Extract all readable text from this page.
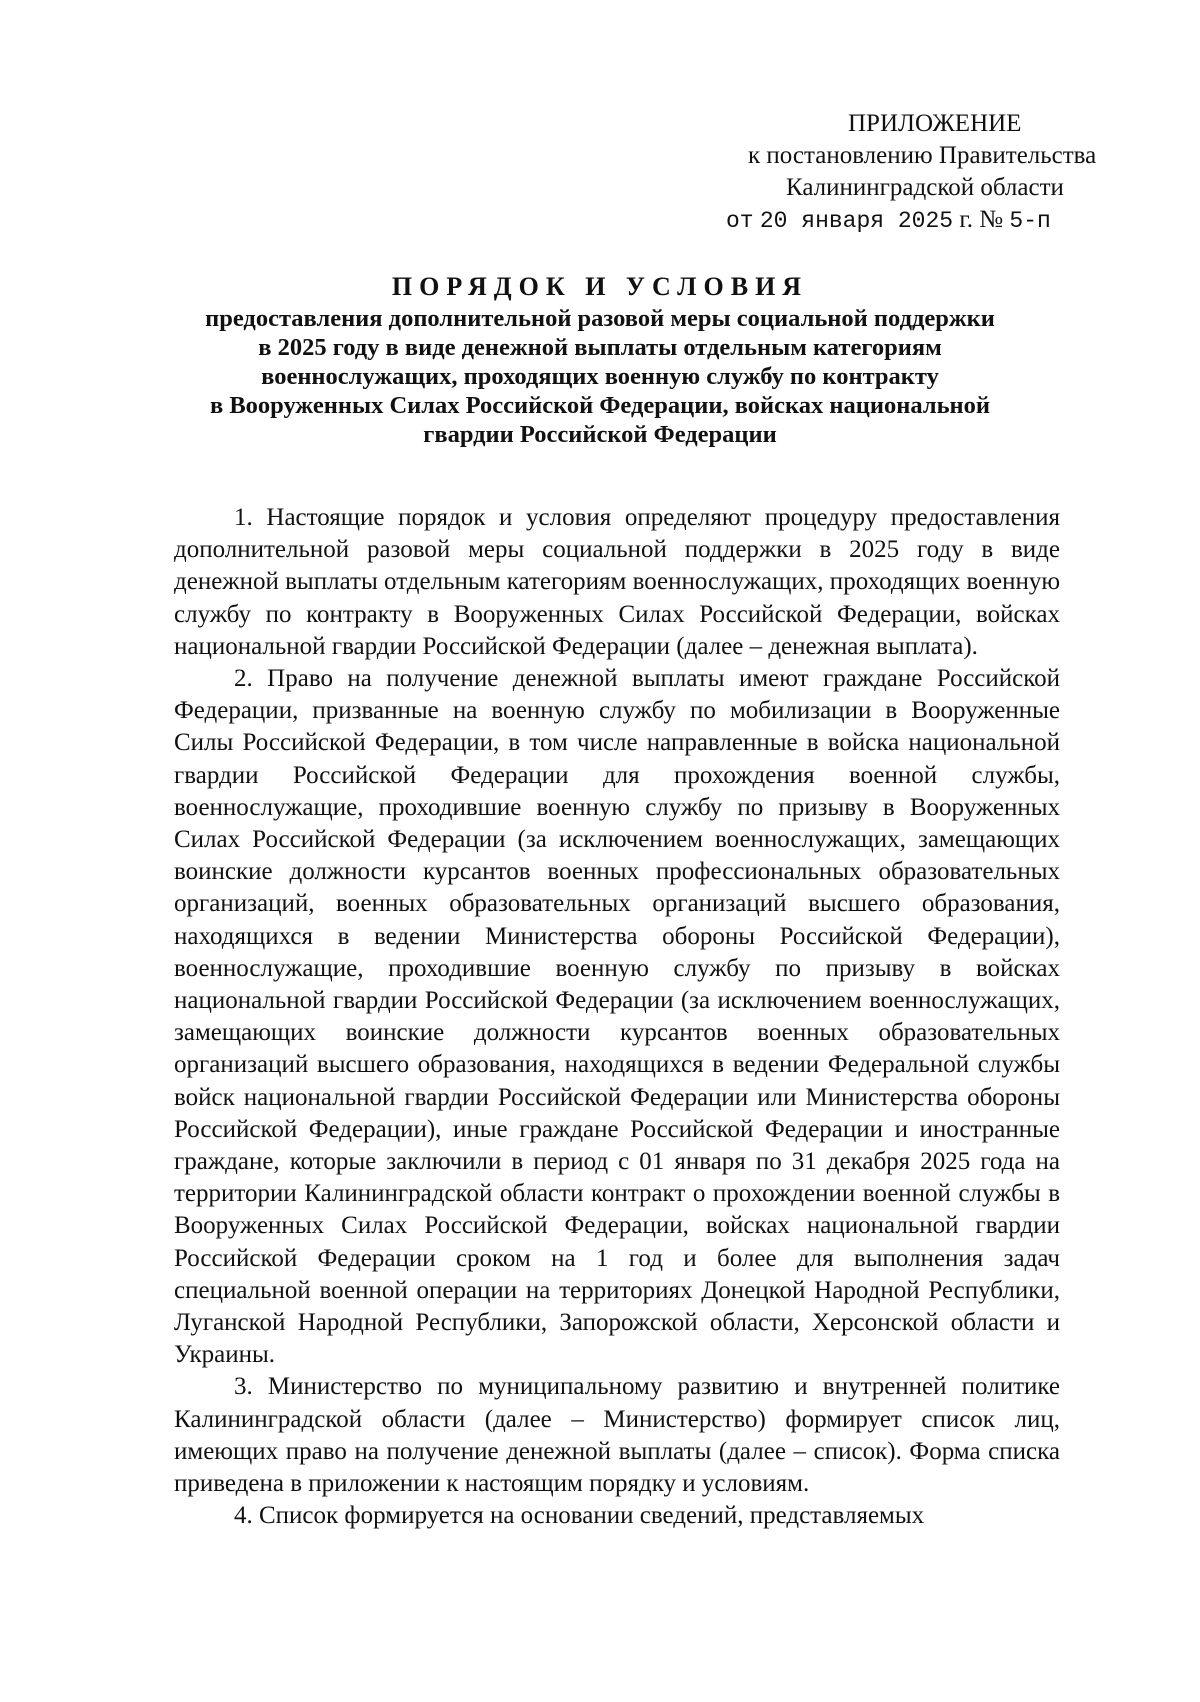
ПРИЛОЖЕНИЕ
к постановлению Правительства
Калининградской области
от 20 января 2025 г. № 5-п
ПОРЯДОК И УСЛОВИЯ
предоставления дополнительной разовой меры социальной поддержки
в 2025 году в виде денежной выплаты отдельным категориям
военнослужащих, проходящих военную службу по контракту
в Вооруженных Силах Российской Федерации, войсках национальной
гвардии Российской Федерации

1. Настоящие порядок и условия определяют процедуру предоставления дополнительной разовой меры социальной поддержки в 2025 году в виде денежной выплаты отдельным категориям военнослужащих, проходящих военную службу по контракту в Вооруженных Силах Российской Федерации, войсках национальной гвардии Российской Федерации (далее – денежная выплата).

2. Право на получение денежной выплаты имеют граждане Российской Федерации, призванные на военную службу по мобилизации в Вооруженные Силы Российской Федерации, в том числе направленные в войска национальной гвардии Российской Федерации для прохождения военной службы, военнослужащие, проходившие военную службу по призыву в Вооруженных Силах Российской Федерации (за исключением военнослужащих, замещающих воинские должности курсантов военных профессиональных образовательных организаций, военных образовательных организаций высшего образования, находящихся в ведении Министерства обороны Российской Федерации), военнослужащие, проходившие военную службу по призыву в войсках национальной гвардии Российской Федерации (за исключением военнослужащих, замещающих воинские должности курсантов военных образовательных организаций высшего образования, находящихся в ведении Федеральной службы войск национальной гвардии Российской Федерации или Министерства обороны Российской Федерации), иные граждане Российской Федерации и иностранные граждане, которые заключили в период с 01 января по 31 декабря 2025 года на территории Калининградской области контракт о прохождении военной службы в Вооруженных Силах Российской Федерации, войсках национальной гвардии Российской Федерации сроком на 1 год и более для выполнения задач специальной военной операции на территориях Донецкой Народной Республики, Луганской Народной Республики, Запорожской области, Херсонской области и Украины.

3. Министерство по муниципальному развитию и внутренней политике Калининградской области (далее – Министерство) формирует список лиц, имеющих право на получение денежной выплаты (далее – список). Форма списка приведена в приложении к настоящим порядку и условиям.

4. Список формируется на основании сведений, представляемых
